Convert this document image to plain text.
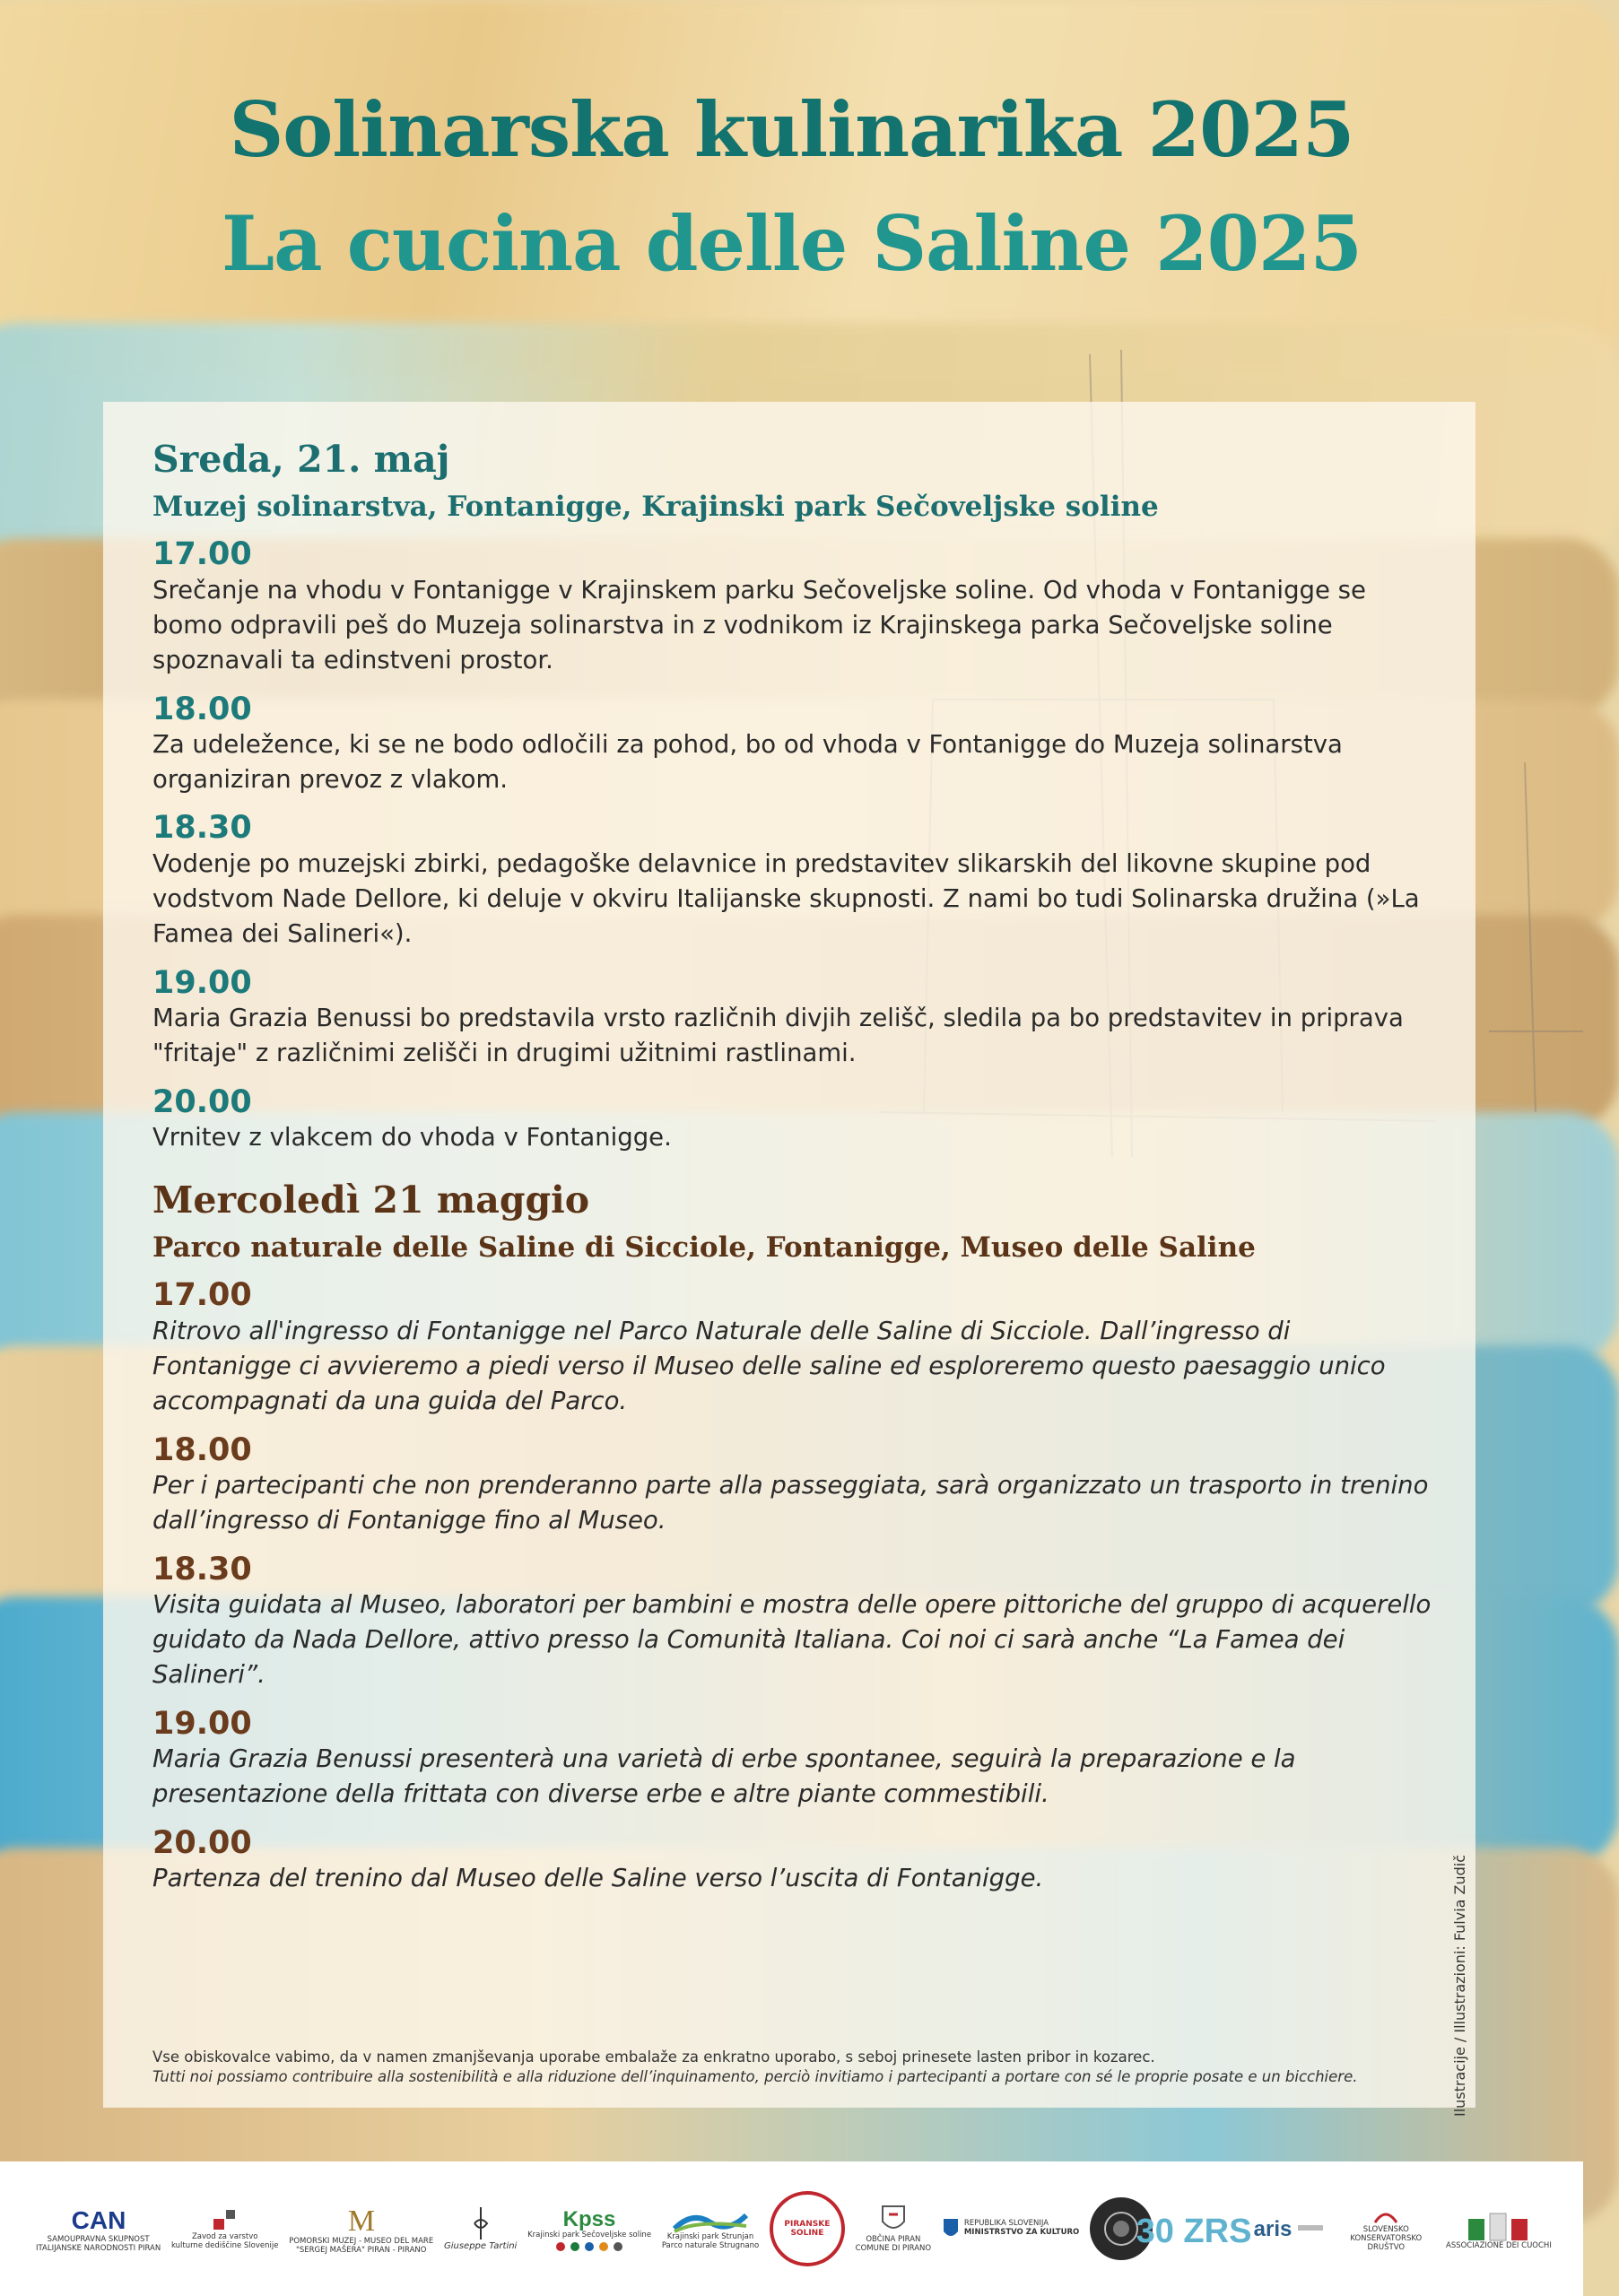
Solinarska kulinarika 2025
La cucina delle Saline 2025
Sreda, 21. maj
Muzej solinarstva, Fontanigge, Krajinski park Sečoveljske soline

17.00

Srečanje na vhodu v Fontanigge v Krajinskem parku Sečoveljske soline. Od vhoda v Fontanigge se bomo odpravili peš do Muzeja solinarstva in z vodnikom iz Krajinskega parka Sečoveljske soline spoznavali ta edinstveni prostor.

18.00

Za udeležence, ki se ne bodo odločili za pohod, bo od vhoda v Fontanigge do Muzeja solinarstva organiziran prevoz z vlakom.

18.30

Vodenje po muzejski zbirki, pedagoške delavnice in predstavitev slikarskih del likovne skupine pod vodstvom Nade Dellore, ki deluje v okviru Italijanske skupnosti. Z nami bo tudi Solinarska družina (»La Famea dei Salineri«).

19.00

Maria Grazia Benussi bo predstavila vrsto različnih divjih zelišč, sledila pa bo predstavitev in priprava "fritaje" z različnimi zelišči in drugimi užitnimi rastlinami.

20.00

Vrnitev z vlakcem do vhoda v Fontanigge.

Mercoledì 21 maggio
Parco naturale delle Saline di Sicciole, Fontanigge, Museo delle Saline

17.00

Ritrovo all'ingresso di Fontanigge nel Parco Naturale delle Saline di Sicciole. Dall’ingresso di Fontanigge ci avvieremo a piedi verso il Museo delle saline ed esploreremo questo paesaggio unico accompagnati da una guida del Parco.

18.00

Per i partecipanti che non prenderanno parte alla passeggiata, sarà organizzato un trasporto in trenino dall’ingresso di Fontanigge fino al Museo.

18.30

Visita guidata al Museo, laboratori per bambini e mostra delle opere pittoriche del gruppo di acquerello guidato da Nada Dellore, attivo presso la Comunità Italiana. Coi noi ci sarà anche “La Famea dei Salineri”.

19.00

Maria Grazia Benussi presenterà una varietà di erbe spontanee, seguirà la preparazione e la presentazione della frittata con diverse erbe e altre piante commestibili.

20.00

Partenza del trenino dal Museo delle Saline verso l’uscita di Fontanigge.

Vse obiskovalce vabimo, da v namen zmanjševanja uporabe embalaže za enkratno uporabo, s seboj prinesete lasten pribor in kozarec.

Tutti noi possiamo contribuire alla sostenibilità e alla riduzione dell’inquinamento, perciò invitiamo i partecipanti a portare con sé le proprie posate e un bicchiere.	Ilustracije / Illustrazioni: Fulvia Zudič
CAN
SAMOUPRAVNA SKUPNOST
ITALIJANSKE NARODNOSTI PIRAN
Zavod za varstvo
kulturne dediščine Slovenije
M
POMORSKI MUZEJ - MUSEO DEL MARE
"SERGEJ MAŠERA" PIRAN - PIRANO Giuseppe Tartini
Kpss
Krajinski park Sečoveljske soline Krajinski park Strunjan
Parco naturale Strugnano
PIRANSKE SOLINE
OBČINA PIRAN
COMUNE DI PIRANO
REPUBLIKA SLOVENIJA
MINISTRSTVO ZA KULTURO 30 ZRS aris	SLOVENSKO KONSERVATORSKO DRUŠTVO	ASSOCIAZIONE DEI CUOCHI
